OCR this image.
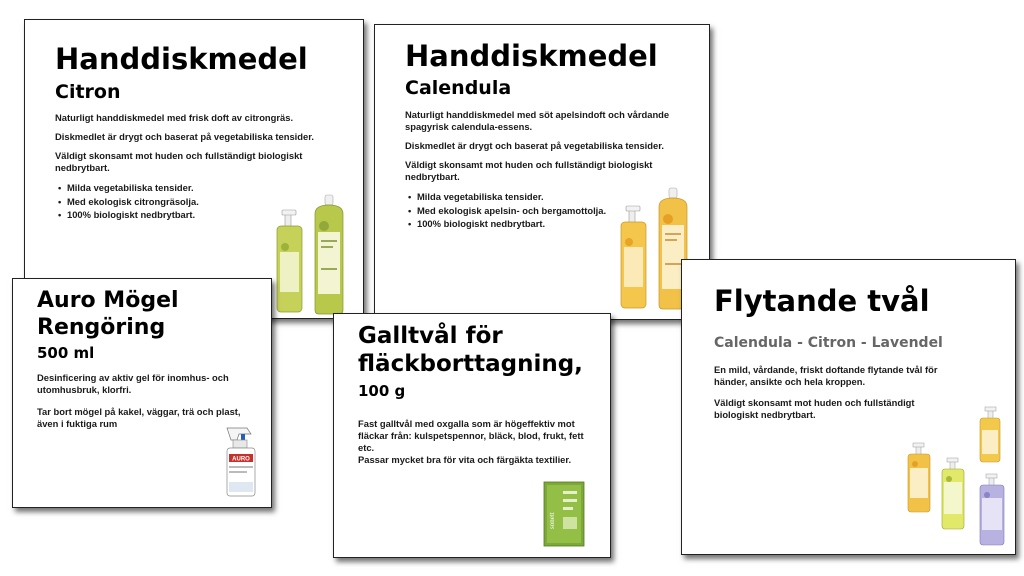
Handdiskmedel
Citron

Naturligt handdiskmedel med frisk doft av citrongräs.

Diskmedlet är drygt och baserat på vegetabiliska tensider.

Väldigt skonsamt mot huden och fullständigt biologiskt nedbrytbart.

• Milda vegetabiliska tensider.
• Med ekologisk citrongräsolja.
• 100% biologiskt nedbrytbart.
Handdiskmedel
Calendula

Naturligt handdiskmedel med söt apelsindoft och vårdande spagyrisk calendula-essens.

Diskmedlet är drygt och baserat på vegetabiliska tensider.

Väldigt skonsamt mot huden och fullständigt biologiskt nedbrytbart.

• Milda vegetabiliska tensider.
• Med ekologisk apelsin- och bergamottolja.
• 100% biologiskt nedbrytbart.
Auro Mögel
Rengöring
500 ml

Desinficering av aktiv gel för inomhus- och utomhusbruk, klorfri.

Tar bort mögel på kakel, väggar, trä och plast, även i fuktiga rum

AURO
Galltvål för
fläckborttagning,
100 g

Fast galltvål med oxgalla som är högeffektiv mot fläckar från: kulspetspennor, bläck, blod, frukt, fett etc.

Passar mycket bra för vita och färgäkta textilier.

sonett
Flytande tvål
Calendula - Citron - Lavendel

En mild, vårdande, friskt doftande flytande tvål för händer, ansikte och hela kroppen.

Väldigt skonsamt mot huden och fullständigt biologiskt nedbrytbart.
